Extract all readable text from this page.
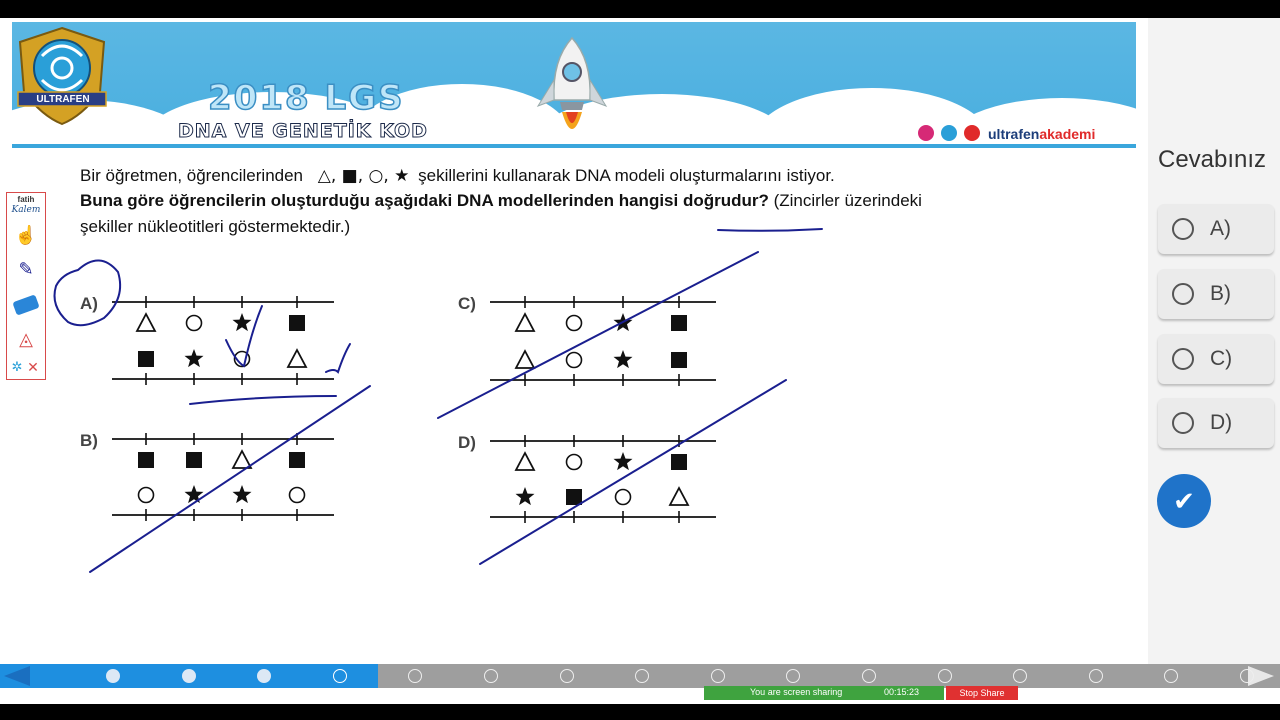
ULTRAFEN	2018 LGS
DNA VE GENETİK KOD	ultrafenakademi
Bir öğretmen, öğrencilerinden △, ■, ○, ★ şekillerini kullanarak DNA modeli oluşturmalarını istiyor.
Buna göre öğrencilerin oluşturduğu aşağıdaki DNA modellerinden hangisi doğrudur? (Zincirler üzerindeki
şekiller nükleotitleri göstermektedir.)
A)
B)
C)
D)
fatih
Kalem
☝
✎
◬
✲ ✕
Cevabınız
A)
B)
C)
D)
✔
You are screen sharing	00:15:23	Stop Share
